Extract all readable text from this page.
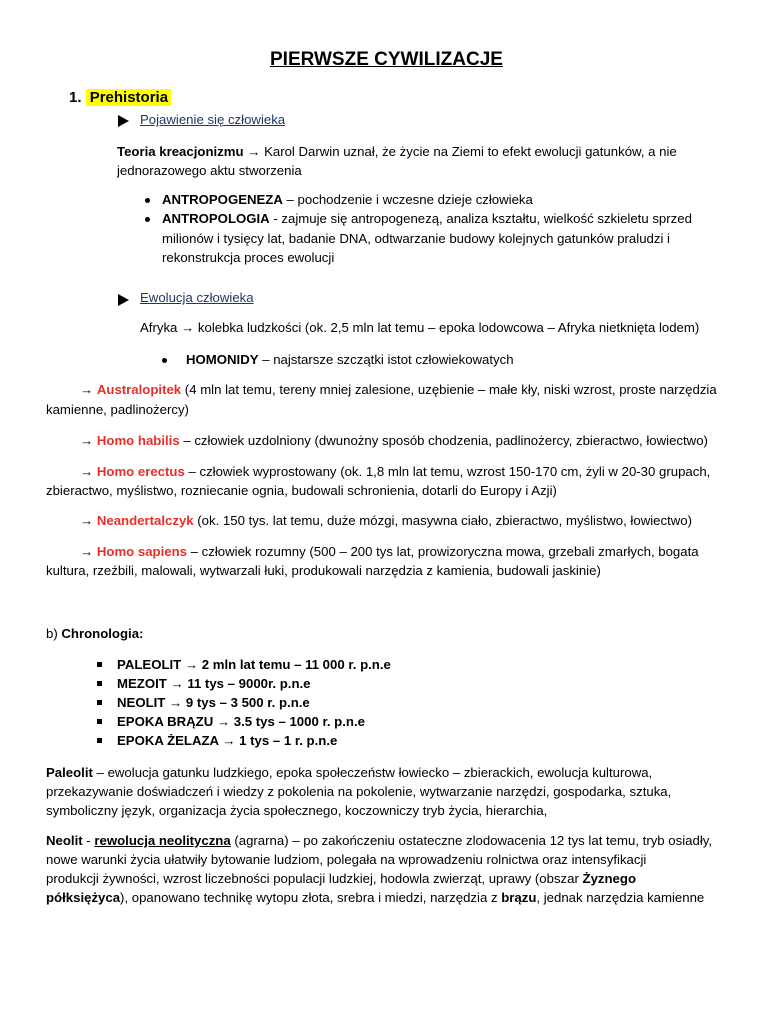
PIERWSZE CYWILIZACJE
1. Prehistoria
Pojawienie się człowieka
Teoria kreacjonizmu → Karol Darwin uznał, że życie na Ziemi to efekt ewolucji gatunków, a nie
jednorazowego aktu stworzenia
ANTROPOGENEZA – pochodzenie i wczesne dzieje człowieka
ANTROPOLOGIA - zajmuje się antropogenezą, analiza kształtu, wielkość szkieletu sprzed
milionów i tysięcy lat, badanie DNA, odtwarzanie budowy kolejnych gatunków praludzi i
rekonstrukcja proces ewolucji
Ewolucja człowieka
Afryka → kolebka ludzkości (ok. 2,5 mln lat temu – epoka lodowcowa – Afryka nietknięta lodem)
HOMONIDY – najstarsze szczątki istot człowiekowatych
→ Australopitek (4 mln lat temu, tereny mniej zalesione, uzębienie – małe kły, niski wzrost, proste narzędzia
kamienne, padlinożercy)
→ Homo habilis – człowiek uzdolniony (dwunożny sposób chodzenia, padlinożercy, zbieractwo, łowiectwo)
→ Homo erectus – człowiek wyprostowany (ok. 1,8 mln lat temu, wzrost 150-170 cm, żyli w 20-30 grupach,
zbieractwo, myślistwo, rozniecanie ognia, budowali schronienia, dotarli do Europy i Azji)
→ Neandertalczyk (ok. 150 tys. lat temu, duże mózgi, masywna ciało, zbieractwo, myślistwo, łowiectwo)
→ Homo sapiens – człowiek rozumny (500 – 200 tys lat, prowizoryczna mowa, grzebali zmarłych, bogata
kultura, rzeźbili, malowali, wytwarzali łuki, produkowali narzędzia z kamienia, budowali jaskinie)
b) Chronologia:
PALEOLIT → 2 mln lat temu – 11 000 r. p.n.e
MEZOIT → 11 tys – 9000r. p.n.e
NEOLIT → 9 tys – 3 500 r. p.n.e
EPOKA BRĄZU → 3.5 tys – 1000 r. p.n.e
EPOKA ŻELAZA → 1 tys – 1 r. p.n.e
Paleolit – ewolucja gatunku ludzkiego, epoka społeczeństw łowiecko – zbierackich, ewolucja kulturowa,
przekazywanie doświadczeń i wiedzy z pokolenia na pokolenie, wytwarzanie narzędzi, gospodarka, sztuka,
symboliczny język, organizacja życia społecznego, koczowniczy tryb życia, hierarchia,
Neolit - rewolucja neolityczna (agrarna) – po zakończeniu ostateczne zlodowacenia 12 tys lat temu, tryb osiadły,
nowe warunki życia ułatwiły bytowanie ludziom, polegała na wprowadzeniu rolnictwa oraz intensyfikacji
produkcji żywności, wzrost liczebności populacji ludzkiej, hodowla zwierząt, uprawy (obszar Żyznego
półksiężyca), opanowano technikę wytopu złota, srebra i miedzi, narzędzia z brązu, jednak narzędzia kamienne
